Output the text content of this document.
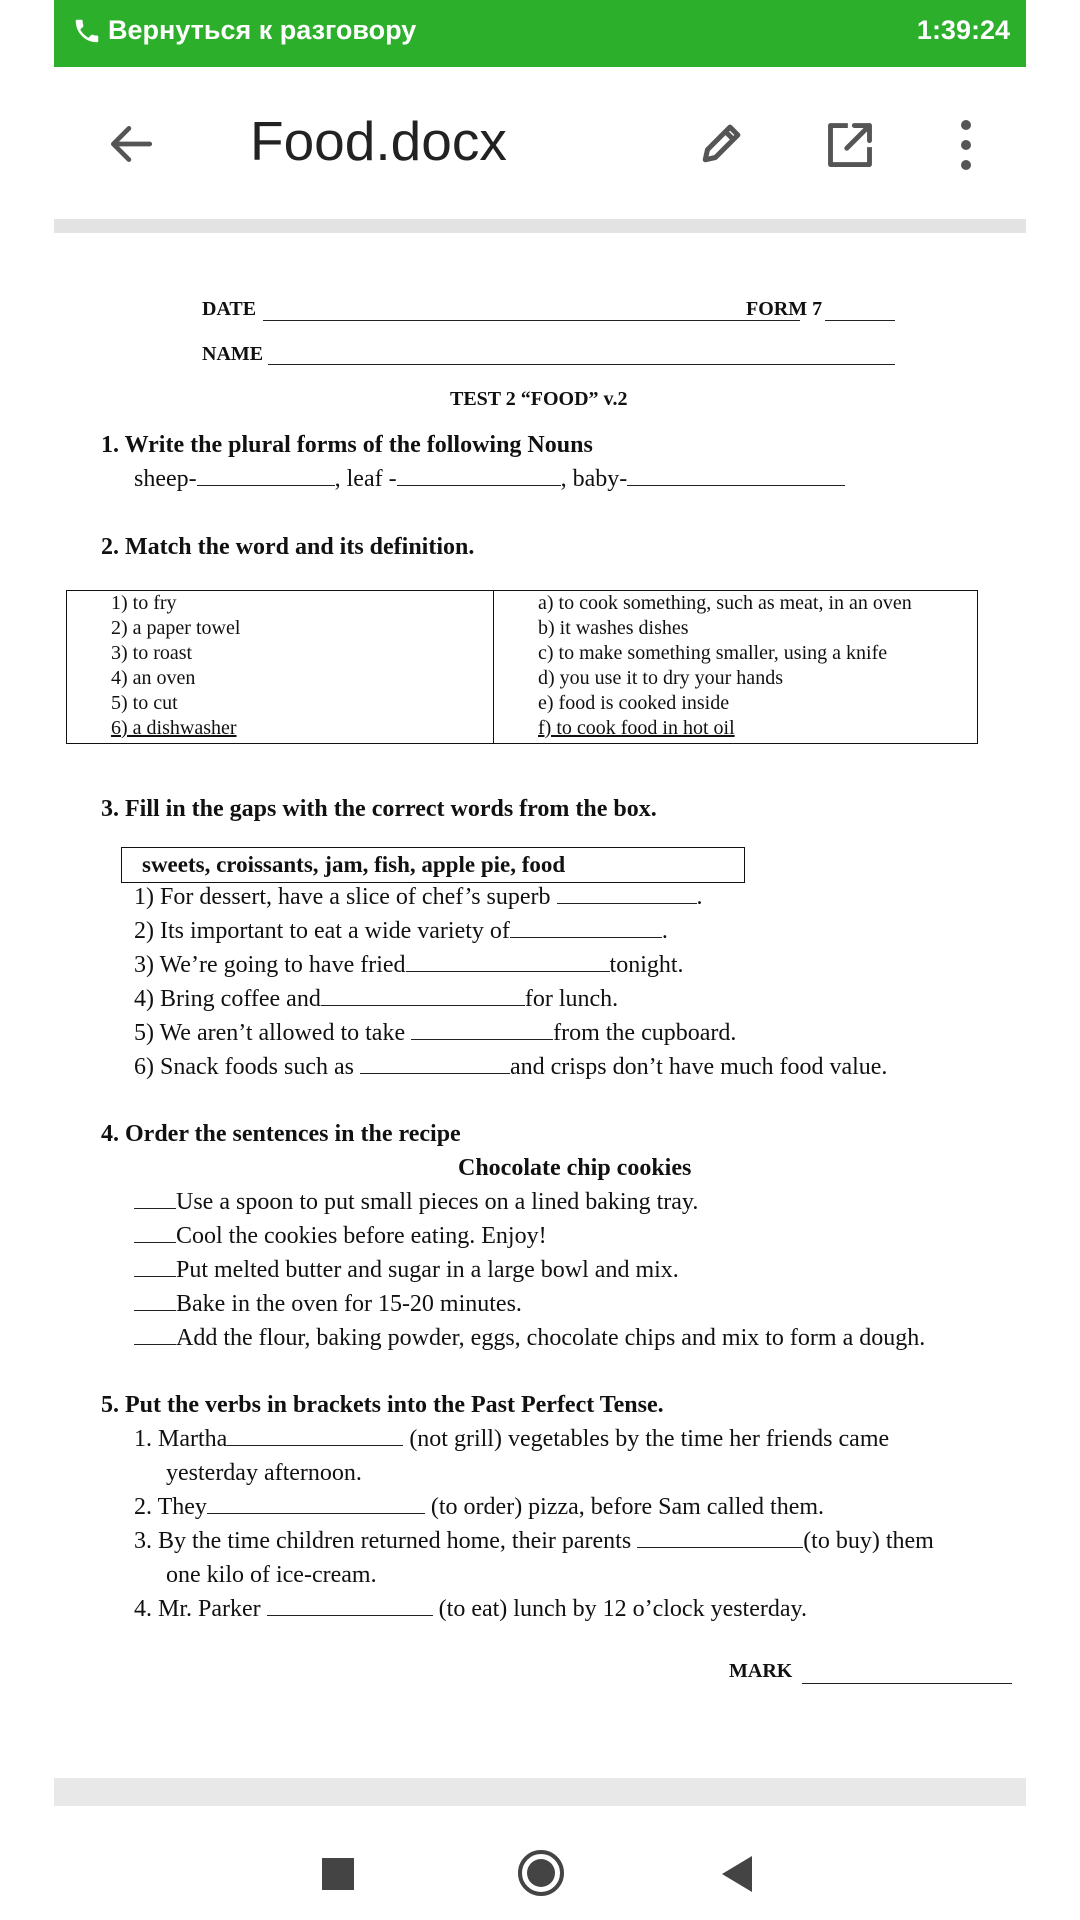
Вернуться к разговору	1:39:24
Food.docx
DATE	FORM 7
NAME
TEST 2 “FOOD” v.2
1. Write the plural forms of the following Nouns
sheep-	, leaf -	, baby-
2. Match the word and its definition.
1) to fry
2) a paper towel
3) to roast
4) an oven
5) to cut
6) a dishwasher
a) to cook something, such as meat, in an oven
b) it washes dishes
c) to make something smaller, using a knife
d) you use it to dry your hands
e) food is cooked inside
f) to cook food in hot oil
3. Fill in the gaps with the correct words from the box.
sweets, croissants, jam, fish, apple pie, food
1) For dessert, have a slice of chef’s superb	.
2) Its important to eat a wide variety of	.
3) We’re going to have fried	tonight.
4) Bring coffee and	for lunch.
5) We aren’t allowed to take	from the cupboard.
6) Snack foods such as	and crisps don’t have much food value.
4. Order the sentences in the recipe
Chocolate chip cookies
Use a spoon to put small pieces on a lined baking tray.
Cool the cookies before eating. Enjoy!
Put melted butter and sugar in a large bowl and mix.
Bake in the oven for 15-20 minutes.
Add the flour, baking powder, eggs, chocolate chips and mix to form a dough.
5. Put the verbs in brackets into the Past Perfect Tense.
1. Martha	(not grill) vegetables by the time her friends came
yesterday afternoon.
2. They	(to order) pizza, before Sam called them.
3. By the time children returned home, their parents	(to buy) them
one kilo of ice-cream.
4. Mr. Parker	(to eat) lunch by 12 o’clock yesterday.
MARK
